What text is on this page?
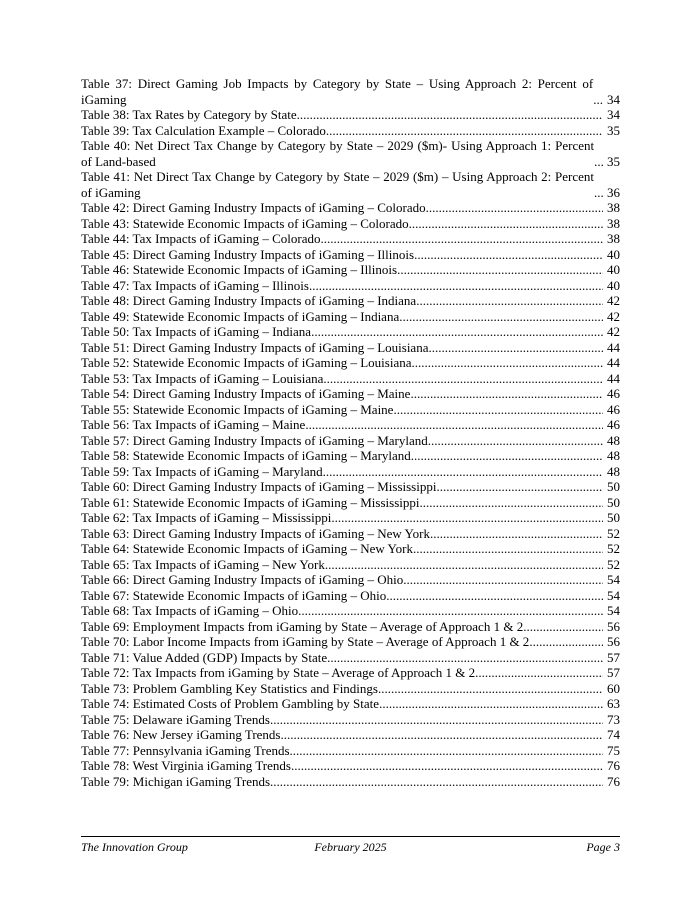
Table 37: Direct Gaming Job Impacts by Category by State – Using Approach 2: Percent of iGaming .....	34
Table 38: Tax Rates by Category by State .....	34
Table 39: Tax Calculation Example – Colorado .....	35
Table 40: Net Direct Tax Change by Category by State – 2029 ($m)- Using Approach 1: Percent of Land-based .....	35
Table 41: Net Direct Tax Change by Category by State – 2029 ($m) – Using Approach 2: Percent of iGaming .....	36
Table 42: Direct Gaming Industry Impacts of iGaming – Colorado .....	38
Table 43: Statewide Economic Impacts of iGaming – Colorado .....	38
Table 44: Tax Impacts of iGaming – Colorado .....	38
Table 45: Direct Gaming Industry Impacts of iGaming – Illinois .....	40
Table 46: Statewide Economic Impacts of iGaming – Illinois .....	40
Table 47: Tax Impacts of iGaming – Illinois .....	40
Table 48: Direct Gaming Industry Impacts of iGaming – Indiana .....	42
Table 49: Statewide Economic Impacts of iGaming – Indiana .....	42
Table 50: Tax Impacts of iGaming – Indiana .....	42
Table 51: Direct Gaming Industry Impacts of iGaming – Louisiana .....	44
Table 52: Statewide Economic Impacts of iGaming – Louisiana .....	44
Table 53: Tax Impacts of iGaming – Louisiana .....	44
Table 54: Direct Gaming Industry Impacts of iGaming – Maine .....	46
Table 55: Statewide Economic Impacts of iGaming – Maine .....	46
Table 56: Tax Impacts of iGaming – Maine .....	46
Table 57: Direct Gaming Industry Impacts of iGaming – Maryland .....	48
Table 58: Statewide Economic Impacts of iGaming – Maryland .....	48
Table 59: Tax Impacts of iGaming – Maryland .....	48
Table 60: Direct Gaming Industry Impacts of iGaming – Mississippi .....	50
Table 61: Statewide Economic Impacts of iGaming – Mississippi .....	50
Table 62: Tax Impacts of iGaming – Mississippi .....	50
Table 63: Direct Gaming Industry Impacts of iGaming – New York .....	52
Table 64: Statewide Economic Impacts of iGaming – New York .....	52
Table 65: Tax Impacts of iGaming – New York .....	52
Table 66: Direct Gaming Industry Impacts of iGaming – Ohio .....	54
Table 67: Statewide Economic Impacts of iGaming – Ohio .....	54
Table 68: Tax Impacts of iGaming – Ohio .....	54
Table 69: Employment Impacts from iGaming by State – Average of Approach 1 & 2 .....	56
Table 70: Labor Income Impacts from iGaming by State – Average of Approach 1 & 2 .....	56
Table 71: Value Added (GDP) Impacts by State .....	57
Table 72: Tax Impacts from iGaming by State – Average of Approach 1 & 2 .....	57
Table 73: Problem Gambling Key Statistics and Findings .....	60
Table 74: Estimated Costs of Problem Gambling by State .....	63
Table 75: Delaware iGaming Trends .....	73
Table 76: New Jersey iGaming Trends .....	74
Table 77: Pennsylvania iGaming Trends .....	75
Table 78: West Virginia iGaming Trends .....	76
Table 79: Michigan iGaming Trends .....	76
The Innovation Group	February 2025	Page 3
